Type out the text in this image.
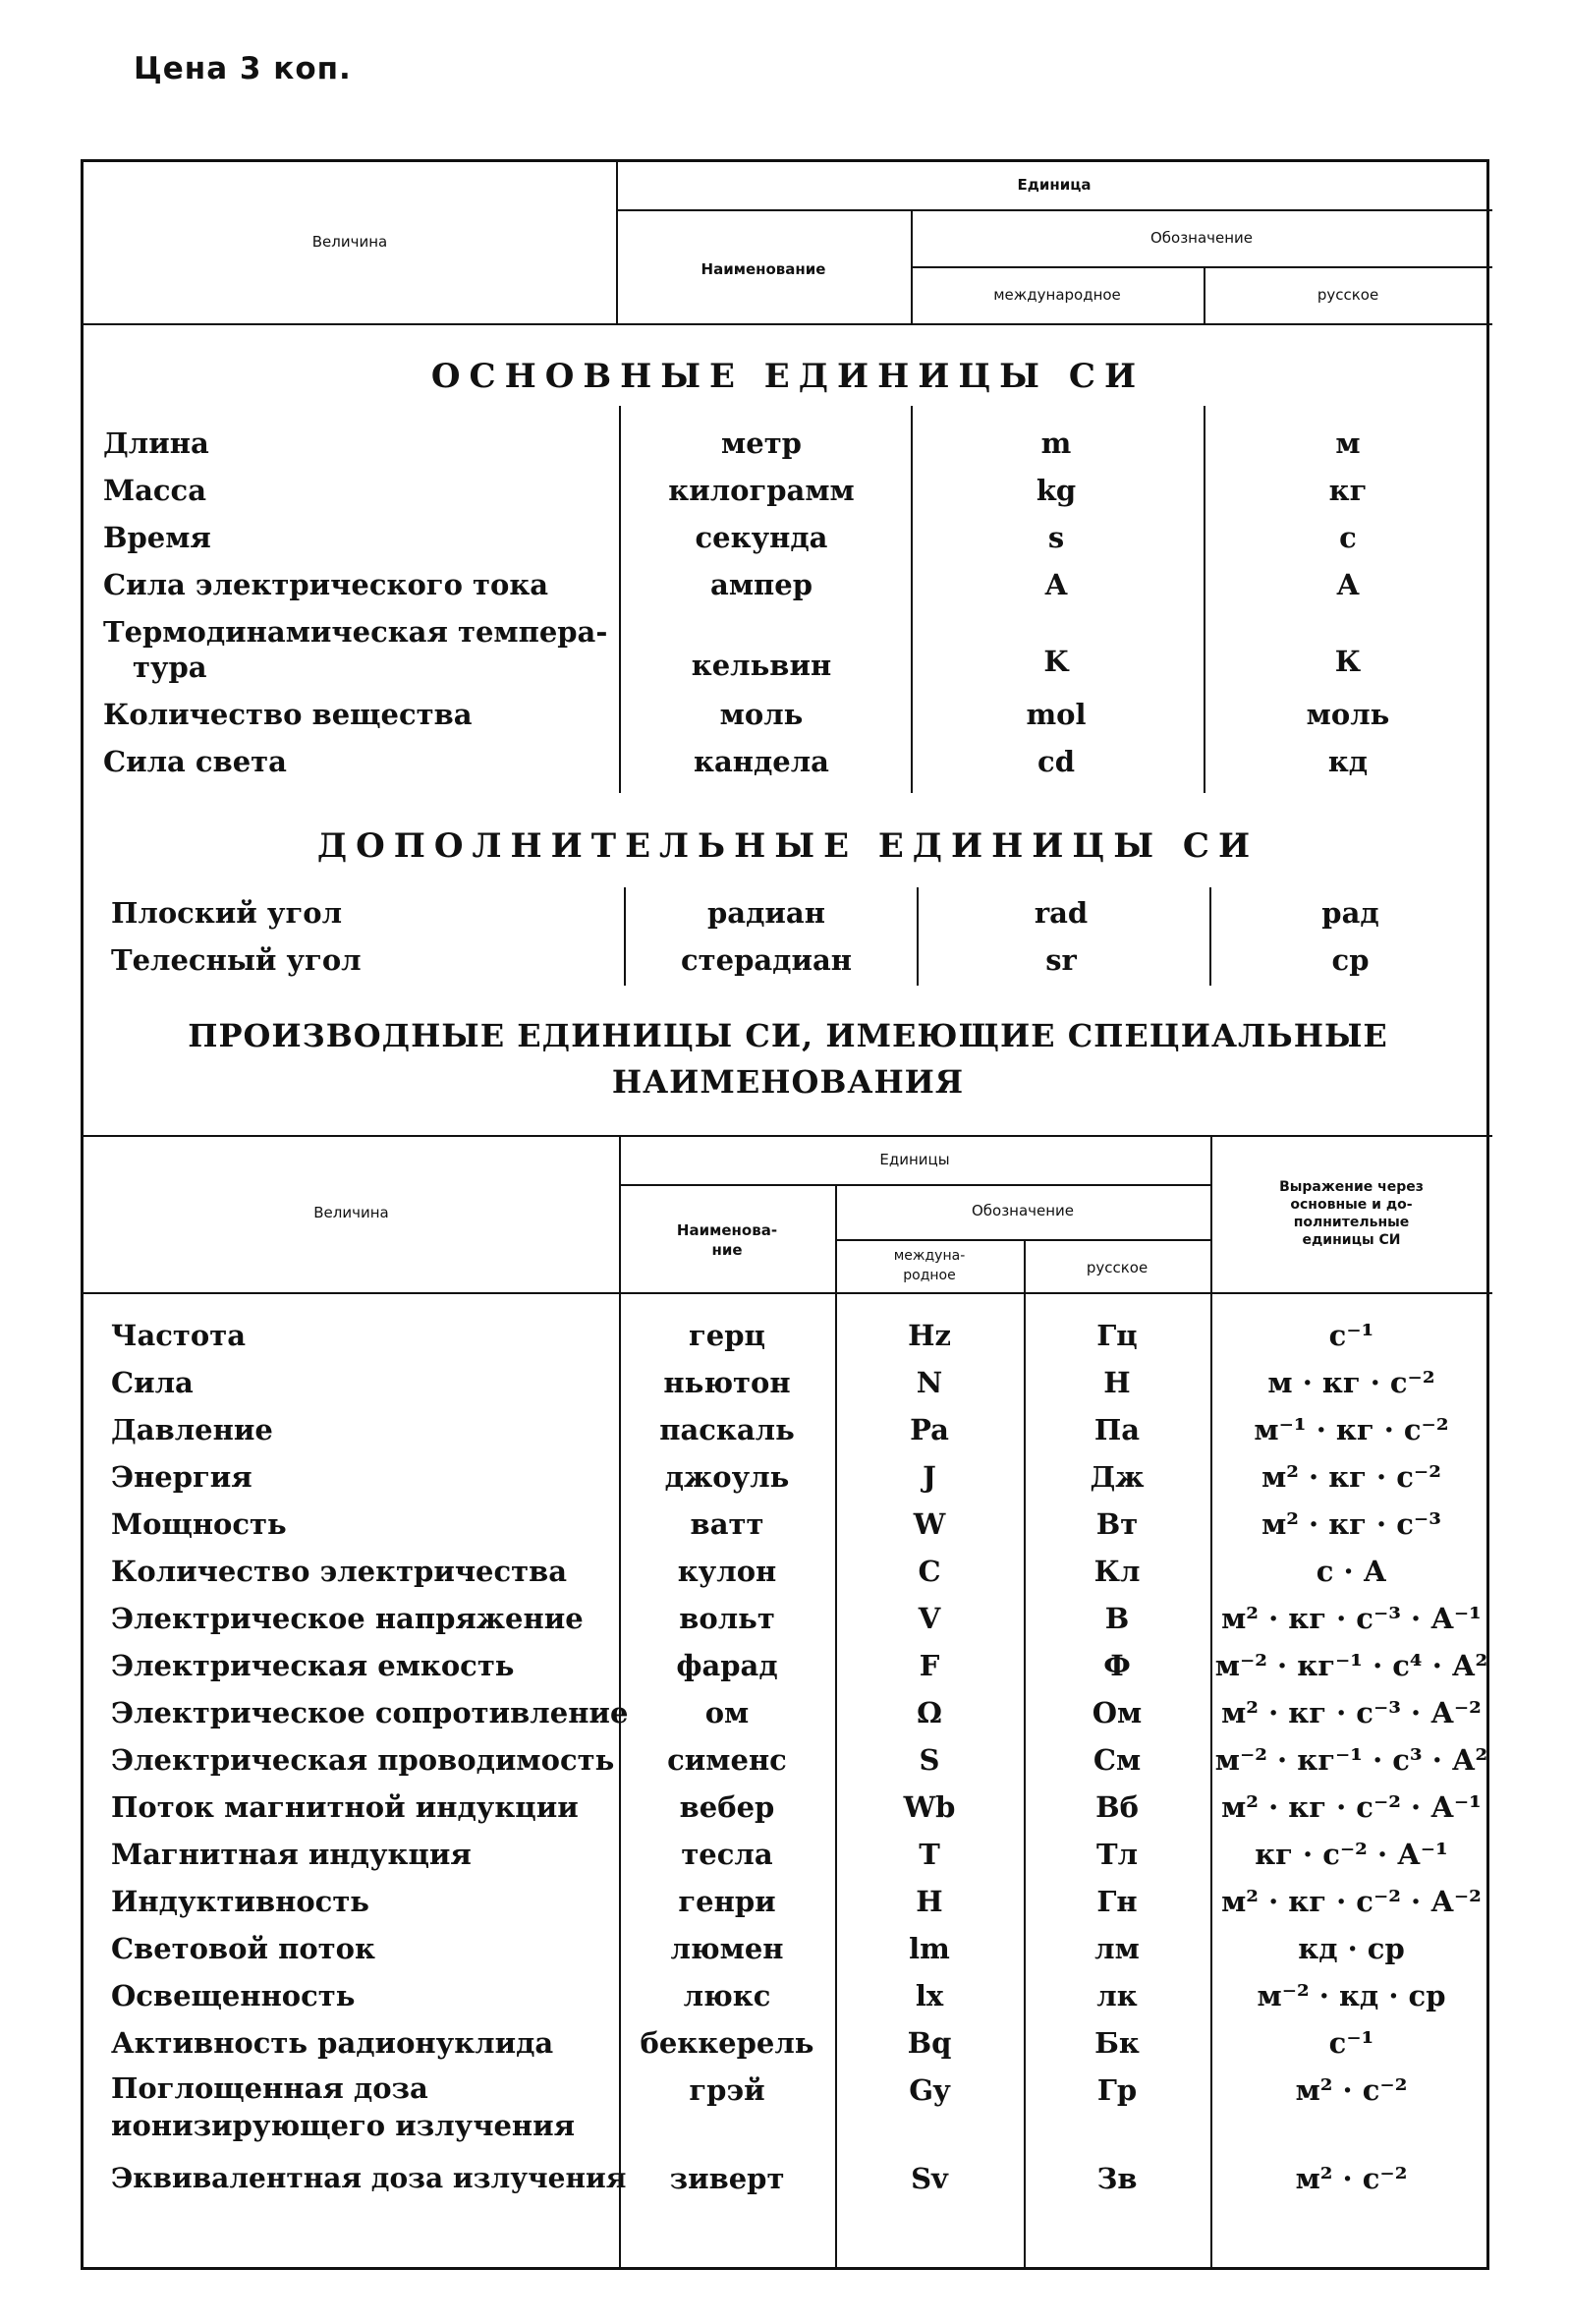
Цена 3 коп.
Величина
Единица
Наименование
Обозначение
международное	русское
ОСНОВНЫЕ ЕДИНИЦЫ СИ
Длина	метр	m	м
Масса	килограмм	kg	кг
Время	секунда	s	с
Сила электрического тока	ампер	A	А
Термодинамическая темпера-
тура	кельвин	K	К
Количество вещества	моль	mol	моль
Сила света	кандела	cd	кд
ДОПОЛНИТЕЛЬНЫЕ ЕДИНИЦЫ СИ
Плоский угол	радиан	rad	рад
Телесный угол	стерадиан	sr	ср
ПРОИЗВОДНЫЕ ЕДИНИЦЫ СИ, ИМЕЮЩИЕ СПЕЦИАЛЬНЫЕ
НАИМЕНОВАНИЯ
Величина
Единицы
Наименова-
ние
Обозначение
междуна-
родное	русское
Выражение через
основные и до-
полнительные
единицы СИ
Частота	герц	Hz	Гц	с⁻¹
Сила	ньютон	N	Н	м · кг · с⁻²
Давление	паскаль	Pa	Па	м⁻¹ · кг · с⁻²
Энергия	джоуль	J	Дж	м² · кг · с⁻²
Мощность	ватт	W	Вт	м² · кг · с⁻³
Количество электричества	кулон	C	Кл	с · А
Электрическое напряжение	вольт	V	В	м² · кг · с⁻³ · А⁻¹
Электрическая емкость	фарад	F	Ф	м⁻² · кг⁻¹ · с⁴ · А²
Электрическое сопротивление	ом	Ω	Ом	м² · кг · с⁻³ · А⁻²
Электрическая проводимость	сименс	S	См	м⁻² · кг⁻¹ · с³ · А²
Поток магнитной индукции	вебер	Wb	Вб	м² · кг · с⁻² · А⁻¹
Магнитная индукция	тесла	T	Тл	кг · с⁻² · А⁻¹
Индуктивность	генри	H	Гн	м² · кг · с⁻² · А⁻²
Световой поток	люмен	lm	лм	кд · ср
Освещенность	люкс	lx	лк	м⁻² · кд · ср
Активность радионуклида	беккерель	Bq	Бк	с⁻¹
Поглощенная доза
ионизирующего излучения
грэй	Gy	Гр	м² · с⁻²
Эквивалентная доза излучения	зиверт	Sv	Зв	м² · с⁻²
